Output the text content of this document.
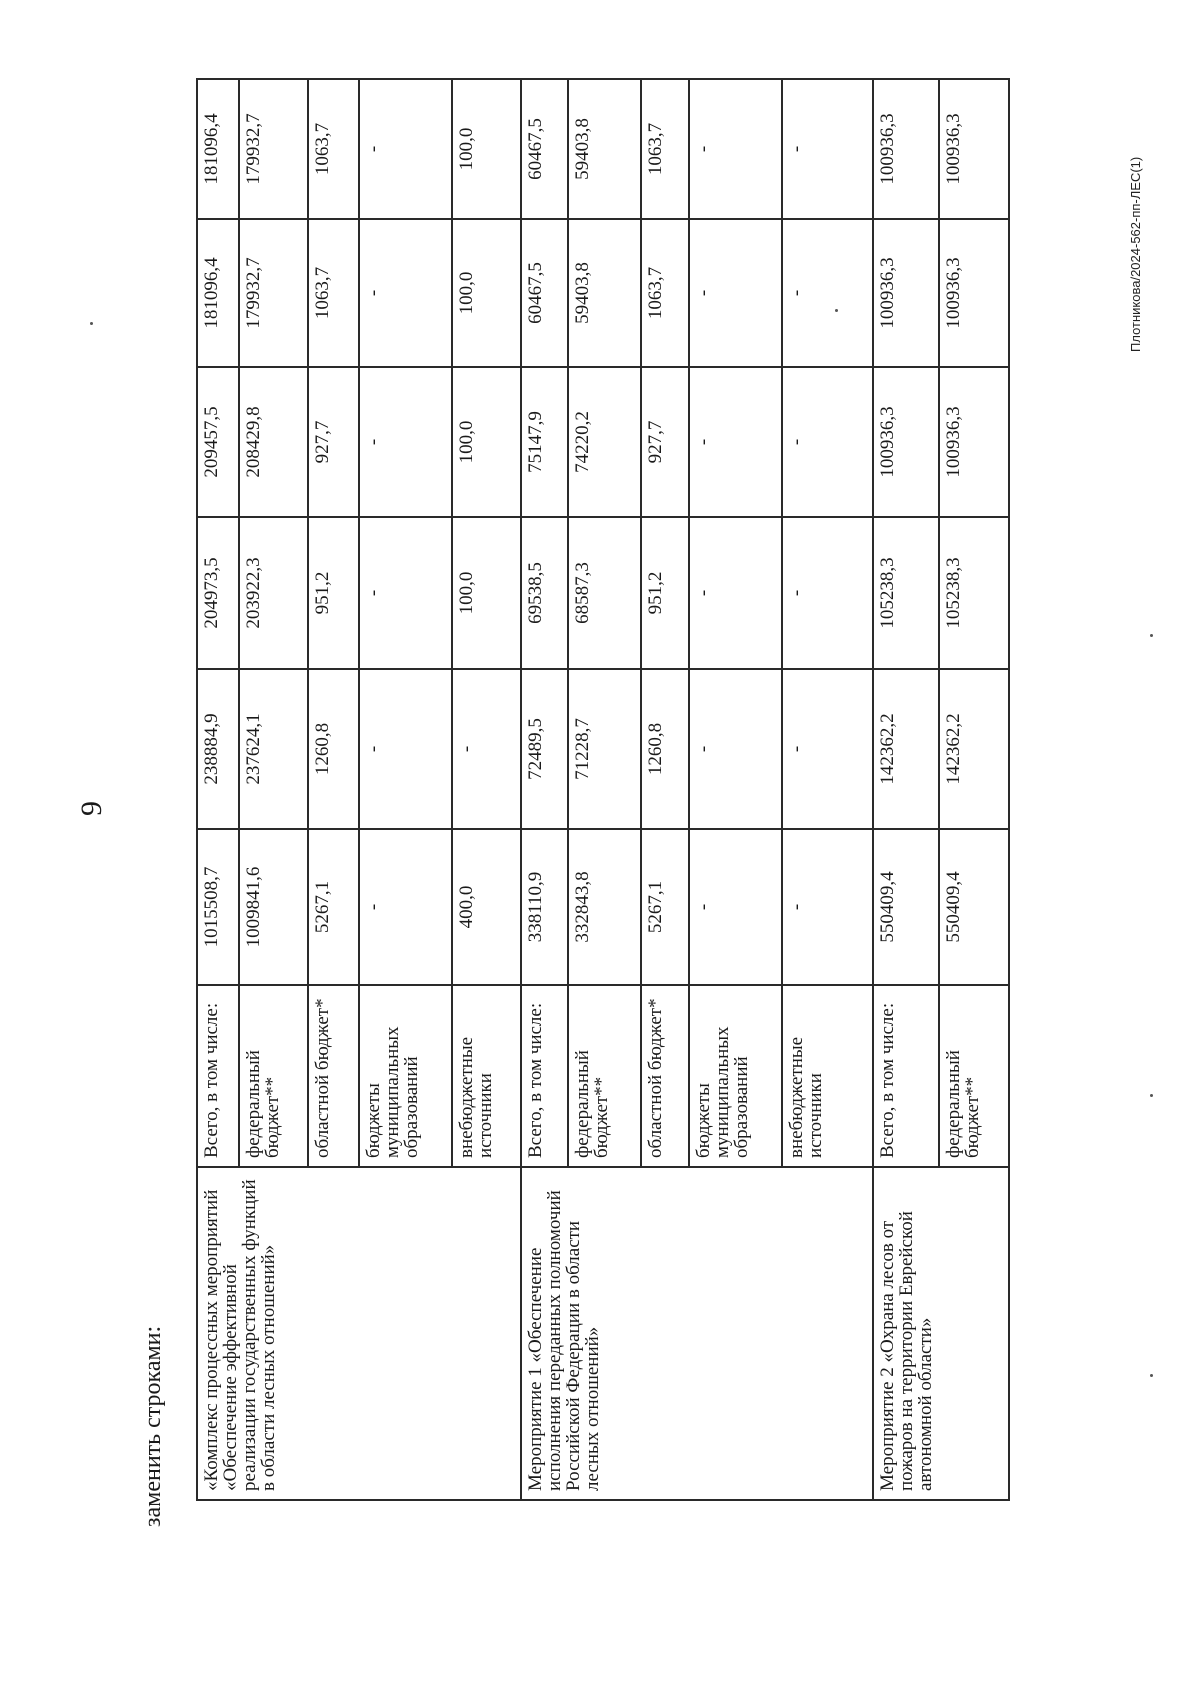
9
заменить строками: «Комплекс процессных мероприятий «Обеспечение эффективной реализации государственных функций в области лесных отношений»	Всего, в том числе:	1015508,7	238884,9	204973,5	209457,5	181096,4	181096,4
	федеральный бюджет**	1009841,6	237624,1	203922,3	208429,8	179932,7	179932,7
	областной бюджет*	5267,1	1260,8	951,2	927,7	1063,7	1063,7
	бюджеты муниципальных образований	-	-	-	-	-	-
	внебюджетные источники	400,0	-	100,0	100,0	100,0	100,0
Мероприятие 1 «Обеспечение исполнения переданных полномочий Российской Федерации в области лесных отношений»	Всего, в том числе:	338110,9	72489,5	69538,5	75147,9	60467,5	60467,5
	федеральный бюджет**	332843,8	71228,7	68587,3	74220,2	59403,8	59403,8
	областной бюджет*	5267,1	1260,8	951,2	927,7	1063,7	1063,7
	бюджеты муниципальных образований	-	-	-	-	-	-
	внебюджетные источники	-	-	-	-	-	-
Мероприятие 2 «Охрана лесов от пожаров на территории Еврейской автономной области»	Всего, в том числе:	550409,4	142362,2	105238,3	100936,3	100936,3	100936,3
	федеральный бюджет**	550409,4	142362,2	105238,3	100936,3	100936,3	100936,3
Плотникова/2024-562-пп-ЛЕС(1)
